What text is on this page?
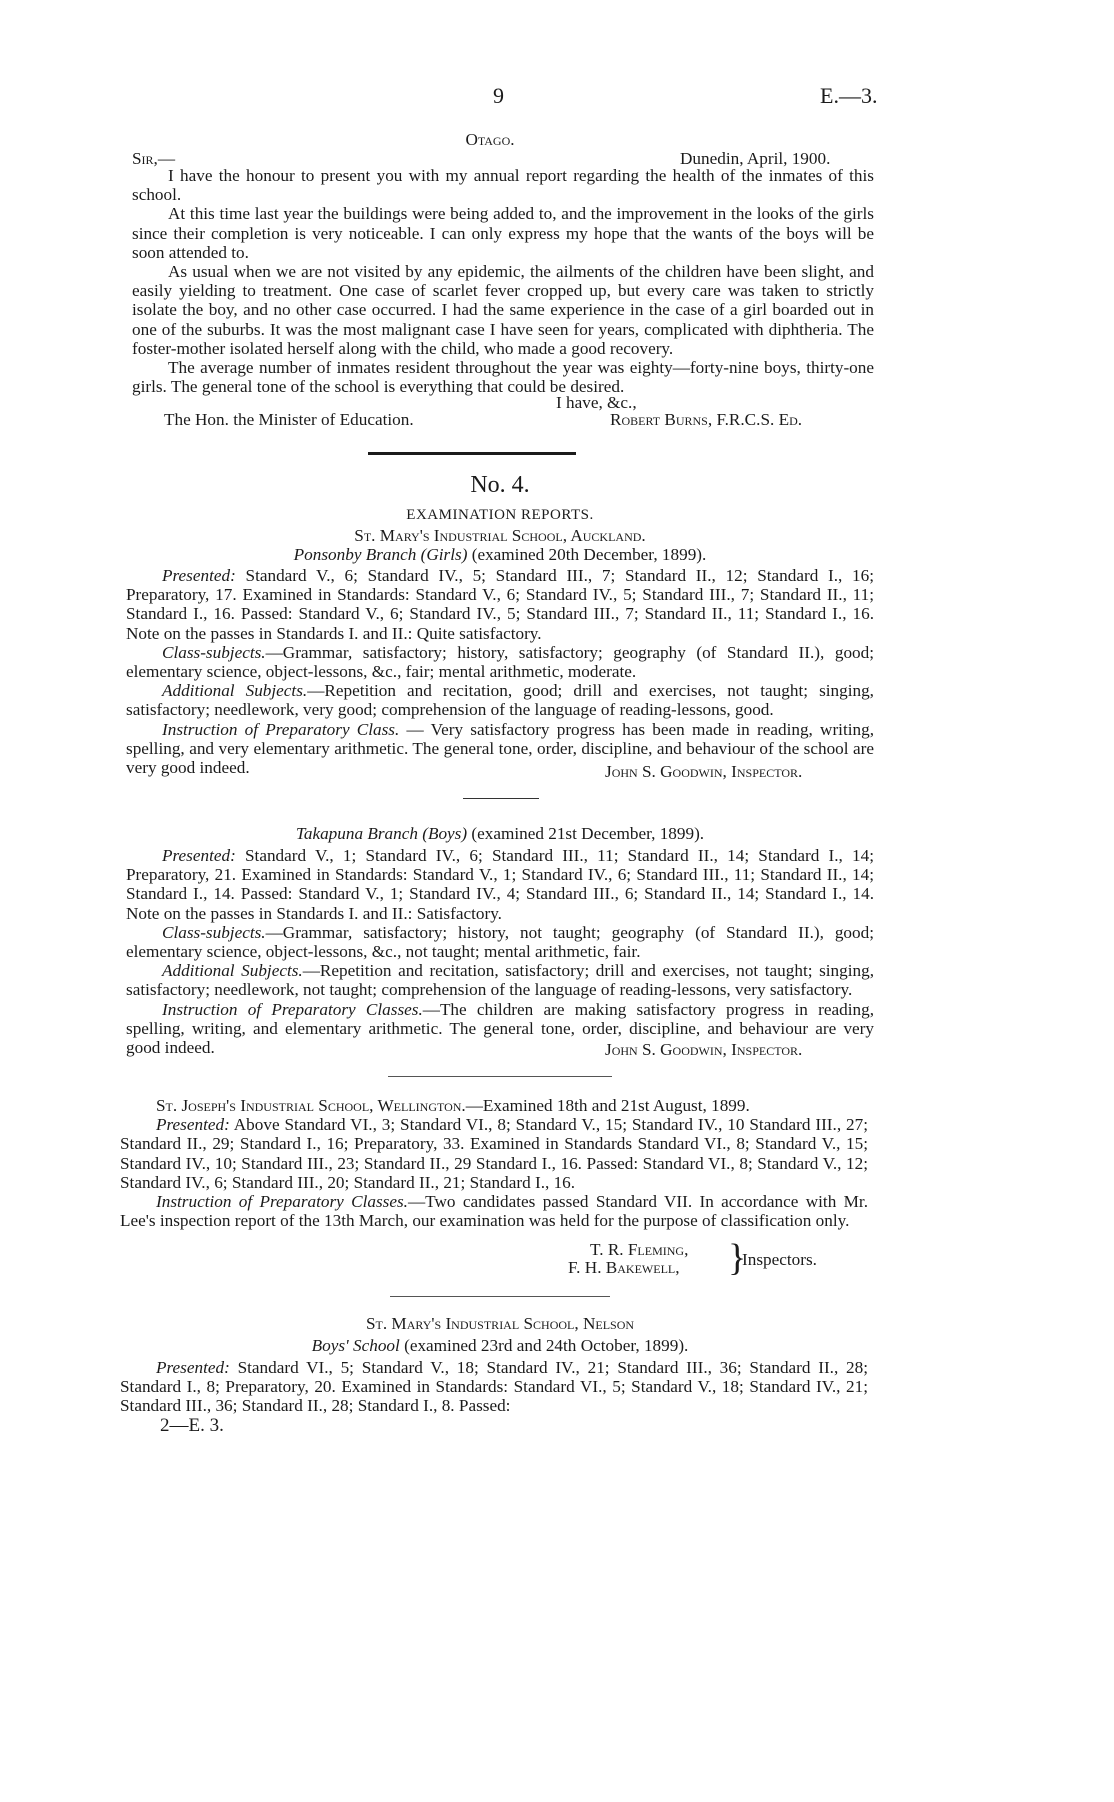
9	E.—3.
Otago.
Sir,—	Dunedin, April, 1900.

I have the honour to present you with my annual report regarding the health of the inmates of this school.

At this time last year the buildings were being added to, and the improvement in the looks of the girls since their completion is very noticeable. I can only express my hope that the wants of the boys will be soon attended to.

As usual when we are not visited by any epidemic, the ailments of the children have been slight, and easily yielding to treatment. One case of scarlet fever cropped up, but every care was taken to strictly isolate the boy, and no other case occurred. I had the same experience in the case of a girl boarded out in one of the suburbs. It was the most malignant case I have seen for years, complicated with diphtheria. The foster-mother isolated herself along with the child, who made a good recovery.

The average number of inmates resident throughout the year was eighty—forty-nine boys, thirty-one girls. The general tone of the school is everything that could be desired.

I have, &c.,
The Hon. the Minister of Education.	Robert Burns, F.R.C.S. Ed.
No. 4.
EXAMINATION REPORTS.
St. Mary's Industrial School, Auckland.
Ponsonby Branch (Girls) (examined 20th December, 1899).

Presented: Standard V., 6; Standard IV., 5; Standard III., 7; Standard II., 12; Standard I., 16; Preparatory, 17. Examined in Standards: Standard V., 6; Standard IV., 5; Standard III., 7; Standard II., 11; Standard I., 16. Passed: Standard V., 6; Standard IV., 5; Standard III., 7; Standard II., 11; Standard I., 16. Note on the passes in Standards I. and II.: Quite satisfactory.

Class-subjects.—Grammar, satisfactory; history, satisfactory; geography (of Standard II.), good; elementary science, object-lessons, &c., fair; mental arithmetic, moderate.

Additional Subjects.—Repetition and recitation, good; drill and exercises, not taught; singing, satisfactory; needlework, very good; comprehension of the language of reading-lessons, good.

Instruction of Preparatory Class. — Very satisfactory progress has been made in reading, writing, spelling, and very elementary arithmetic. The general tone, order, discipline, and behaviour of the school are very good indeed.	John S. Goodwin, Inspector.
Takapuna Branch (Boys) (examined 21st December, 1899).

Presented: Standard V., 1; Standard IV., 6; Standard III., 11; Standard II., 14; Standard I., 14; Preparatory, 21. Examined in Standards: Standard V., 1; Standard IV., 6; Standard III., 11; Standard II., 14; Standard I., 14. Passed: Standard V., 1; Standard IV., 4; Standard III., 6; Standard II., 14; Standard I., 14. Note on the passes in Standards I. and II.: Satisfactory.

Class-subjects.—Grammar, satisfactory; history, not taught; geography (of Standard II.), good; elementary science, object-lessons, &c., not taught; mental arithmetic, fair.

Additional Subjects.—Repetition and recitation, satisfactory; drill and exercises, not taught; singing, satisfactory; needlework, not taught; comprehension of the language of reading-lessons, very satisfactory.

Instruction of Preparatory Classes.—The children are making satisfactory progress in reading, spelling, writing, and elementary arithmetic. The general tone, order, discipline, and behaviour are very good indeed.	John S. Goodwin, Inspector.

St. Joseph's Industrial School, Wellington.—Examined 18th and 21st August, 1899.

Presented: Above Standard VI., 3; Standard VI., 8; Standard V., 15; Standard IV., 10 Standard III., 27; Standard II., 29; Standard I., 16; Preparatory, 33. Examined in Standards Standard VI., 8; Standard V., 15; Standard IV., 10; Standard III., 23; Standard II., 29 Standard I., 16. Passed: Standard VI., 8; Standard V., 12; Standard IV., 6; Standard III., 20; Standard II., 21; Standard I., 16.

Instruction of Preparatory Classes.—Two candidates passed Standard VII. In accordance with Mr. Lee's inspection report of the 13th March, our examination was held for the purpose of classification only.

T. R. Fleming,
F. H. Bakewell, }
Inspectors.
St. Mary's Industrial School, Nelson
Boys' School (examined 23rd and 24th October, 1899).

Presented: Standard VI., 5; Standard V., 18; Standard IV., 21; Standard III., 36; Standard II., 28; Standard I., 8; Preparatory, 20. Examined in Standards: Standard VI., 5; Standard V., 18; Standard IV., 21; Standard III., 36; Standard II., 28; Standard I., 8. Passed:

2—E. 3.
